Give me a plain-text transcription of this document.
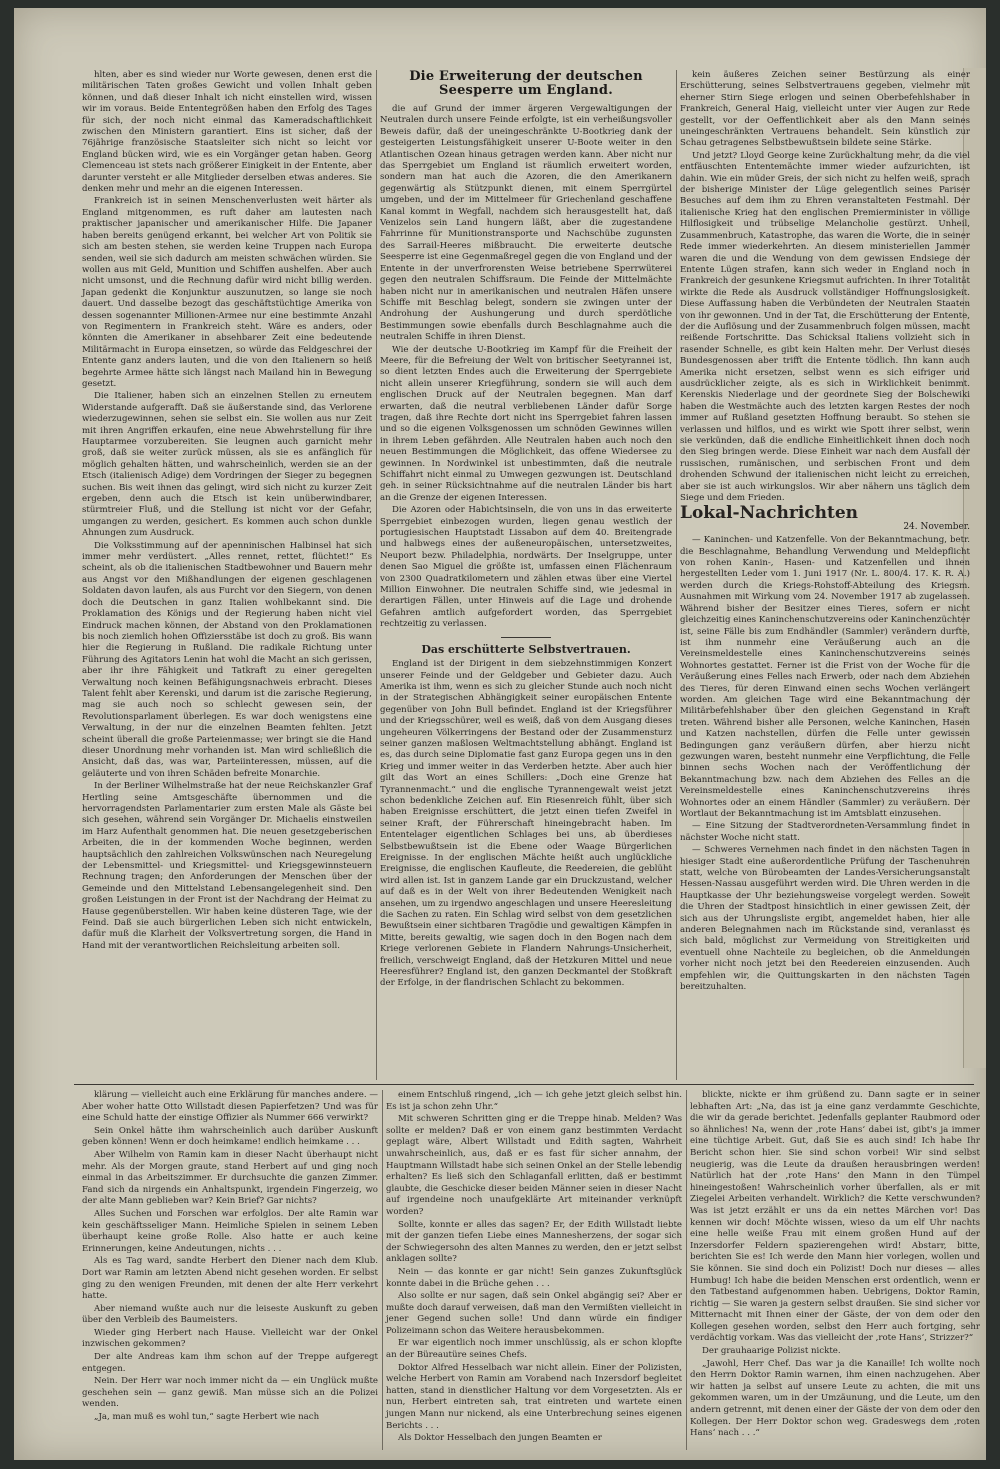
hlten, aber es sind wieder nur Worte gewesen, denen erst die militärischen Taten großes Gewicht und vollen Inhalt geben können, und daß dieser Inhalt ich nicht einstellen wird, wissen wir im voraus. Beide Ententegrößen haben den Erfolg des Tages für sich, der noch nicht einmal das Kameradschaftlichkeit zwischen den Ministern garantiert. Eins ist sicher, daß der 76jährige französische Staatsleiter sich nicht so leicht vor England bücken wird, wie es ein Vorgänger getan haben. Georg Clemenceau ist stets nach größerer Einigkeit in der Entente, aber darunter versteht er alle Mitglieder derselben etwas anderes. Sie denken mehr und mehr an die eigenen Interessen.

Frankreich ist in seinen Menschenverlusten weit härter als England mitgenommen, es ruft daher am lautesten nach praktischer japanischer und amerikanischer Hilfe. Die Japaner haben bereits genügend erkannt, bei welcher Art von Politik sie sich am besten stehen, sie werden keine Truppen nach Europa senden, weil sie sich dadurch am meisten schwächen würden. Sie wollen aus mit Geld, Munition und Schiffen aushelfen. Aber auch nicht umsonst, und die Rechnung dafür wird nicht billig werden. Japan gedenkt die Konjunktur auszunutzen, so lange sie noch dauert. Und dasselbe bezogt das geschäftstüchtige Amerika von dessen sogenannter Millionen-Armee nur eine bestimmte Anzahl von Regimentern in Frankreich steht. Wäre es anders, oder könnten die Amerikaner in absehbarer Zeit eine bedeutende Militärmacht in Europa einsetzen, so würde das Feldgeschrei der Entente ganz anders lauten, und die von den Italienern so heiß begehrte Armee hätte sich längst nach Mailand hin in Bewegung gesetzt.

Die Italiener, haben sich an einzelnen Stellen zu erneutem Widerstande aufgerafft. Daß sie äußerstande sind, das Verlorene wiederzugewinnen, sehen sie selbst ein. Sie wollen aus nur Zeit mit ihren Angriffen erkaufen, eine neue Abwehrstellung für ihre Hauptarmee vorzubereiten. Sie leugnen auch garnicht mehr groß, daß sie weiter zurück müssen, als sie es anfänglich für möglich gehalten hätten, und wahrscheinlich, werden sie an der Etsch (italienisch Adige) dem Vordringen der Sieger zu begegnen suchen. Bis weit ihnen das gelingt, wird sich nicht zu kurzer Zeit ergeben, denn auch die Etsch ist kein unüberwindbarer, stürmtreier Fluß, und die Stellung ist nicht vor der Gefahr, umgangen zu werden, gesichert. Es kommen auch schon dunkle Ahnungen zum Ausdruck.

Die Volksstimmung auf der apenninischen Halbinsel hat sich immer mehr verdüstert. „Alles rennet, rettet, flüchtet!“ Es scheint, als ob die italienischen Stadtbewohner und Bauern mehr aus Angst vor den Mißhandlungen der eigenen geschlagenen Soldaten davon laufen, als aus Furcht vor den Siegern, von denen doch die Deutschen in ganz Italien wohlbekannt sind. Die Proklamation des Königs und der Regierung haben nicht viel Eindruck machen können, der Abstand von den Proklamationen bis noch ziemlich hohen Offiziersstäbe ist doch zu groß. Bis wann hier die Regierung in Rußland. Die radikale Richtung unter Führung des Agitators Lenin hat wohl die Macht an sich gerissen, aber ihr ihre Fähigkeit und Tatkraft zu einer geregelten Verwaltung noch keinen Befähigungsnachweis erbracht. Dieses Talent fehlt aber Kerenski, und darum ist die zarische Regierung, mag sie auch noch so schlecht gewesen sein, der Revolutionsparlament überlegen. Es war doch wenigstens eine Verwaltung, in der nur die einzelnen Beamten fehlten. Jetzt scheint überall die große Parteienmasse; wer bringt sie die Hand dieser Unordnung mehr vorhanden ist. Man wird schließlich die Ansicht, daß das, was war, Parteiinteressen, müssen, auf die geläuterte und von ihren Schäden befreite Monarchie.

In der Berliner Wilhelmstraße hat der neue Reichskanzler Graf Hertling seine Amtsgeschäfte übernommen und die hervorragendsten Parlamentarier zum ersten Male als Gäste bei sich gesehen, während sein Vorgänger Dr. Michaelis einstweilen im Harz Aufenthalt genommen hat. Die neuen gesetzgeberischen Arbeiten, die in der kommenden Woche beginnen, werden hauptsächlich den zahlreichen Volkswünschen nach Neuregelung der Lebensmittel- und Kriegsmittel- und Kriegsgewinnsteuern Rechnung tragen; den Anforderungen der Menschen über der Gemeinde und den Mittelstand Lebensangelegenheit sind. Den großen Leistungen in der Front ist der Nachdrang der Heimat zu Hause gegenüberstellen. Wir haben keine düsteren Tage, wie der Feind. Daß sie auch bürgerlichen Leben sich nicht entwickeln, dafür muß die Klarheit der Volksvertretung sorgen, die Hand in Hand mit der verantwortlichen Reichsleitung arbeiten soll.

Die Erweiterung der deutschen Seesperre um England.

die auf Grund der immer ärgeren Vergewaltigungen der Neutralen durch unsere Feinde erfolgte, ist ein verheißungsvoller Beweis dafür, daß der uneingeschränkte U-Bootkrieg dank der gesteigerten Leistungsfähigkeit unserer U-Boote weiter in den Atlantischen Ozean hinaus getragen werden kann. Aber nicht nur das Sperrgebiet um England ist räumlich erweitert worden, sondern man hat auch die Azoren, die den Amerikanern gegenwärtig als Stützpunkt dienen, mit einem Sperrgürtel umgeben, und der im Mittelmeer für Griechenland geschaffene Kanal kommt in Wegfall, nachdem sich herausgestellt hat, daß Venizelos sein Land hungern läßt, aber die zugestandene Fahrrinne für Munitionstransporte und Nachschübe zugunsten des Sarrail-Heeres mißbraucht. Die erweiterte deutsche Seesperre ist eine Gegenmaßregel gegen die von England und der Entente in der unverfrorensten Weise betriebene Sperrwüterei gegen den neutralen Schiffsraum. Die Feinde der Mittelmächte haben nicht nur in amerikanischen und neutralen Häfen unsere Schiffe mit Beschlag belegt, sondern sie zwingen unter der Androhung der Aushungerung und durch sperdötliche Bestimmungen sowie ebenfalls durch Beschlagnahme auch die neutralen Schiffe in ihren Dienst.

Wie der deutsche U-Bootkrieg im Kampf für die Freiheit der Meere, für die Befreiung der Welt von britischer Seetyrannei ist, so dient letzten Endes auch die Erweiterung der Sperrgebiete nicht allein unserer Kriegführung, sondern sie will auch dem englischen Druck auf der Neutralen begegnen. Man darf erwarten, daß die neutral verbliebenen Länder dafür Sorge tragen, daß ihre Rechte dort nicht ins Sperrgebiet fahren lassen und so die eigenen Volksgenossen um schnöden Gewinnes willen in ihrem Leben gefährden. Alle Neutralen haben auch noch den neuen Bestimmungen die Möglichkeit, das offene Wiedersee zu gewinnen. In Nordwinkel ist unbestimmten, daß die neutrale Schiffahrt nicht einmal zu Umwegen gezwungen ist. Deutschland geh. in seiner Rücksichtnahme auf die neutralen Länder bis hart an die Grenze der eigenen Interessen.

Die Azoren oder Habichtsinseln, die von uns in das erweiterte Sperrgebiet einbezogen wurden, liegen genau westlich der portugiesischen Hauptstadt Lissabon auf dem 40. Breitengrade und halbwegs eines der außeneuropäischen, untersetzweites, Neuport bezw. Philadelphia, nordwärts. Der Inselgruppe, unter denen Sao Miguel die größte ist, umfassen einen Flächenraum von 2300 Quadratkilometern und zählen etwas über eine Viertel Million Einwohner. Die neutralen Schiffe sind, wie jedesmal in derartigen Fällen, unter Hinweis auf die Lage und drohende Gefahren amtlich aufgefordert worden, das Sperrgebiet rechtzeitig zu verlassen.

Das erschütterte Selbstvertrauen.

England ist der Dirigent in dem siebzehnstimmigen Konzert unserer Feinde und der Geldgeber und Gebieter dazu. Auch Amerika ist ihm, wenn es sich zu gleicher Stunde auch noch nicht in der Strategischen Abhängigkeit seiner europäischen Entente gegenüber von John Bull befindet. England ist der Kriegsführer und der Kriegsschürer, weil es weiß, daß von dem Ausgang dieses ungeheuren Völkerringens der Bestand oder der Zusammensturz seiner ganzen maßlosen Weltmachtstellung abhängt. England ist es, das durch seine Diplomatie fast ganz Europa gegen uns in den Krieg und immer weiter in das Verderben hetzte. Aber auch hier gilt das Wort an eines Schillers: „Doch eine Grenze hat Tyrannenmacht.“ und die englische Tyrannengewalt weist jetzt schon bedenkliche Zeichen auf. Ein Riesenreich fühlt, über sich haben Ereignisse erschüttert, die jetzt einen tiefen Zweifel in seiner Kraft, der Führerschaft hineingebracht haben. Im Ententelager eigentlichen Schlages bei uns, ab überdieses Selbstbewußtsein ist die Ebene oder Waage Bürgerlichen Ereignisse. In der englischen Mächte heißt auch unglückliche Ereignisse, die englischen Kaufleute, die Reedereien, die geblüht wird allen ist. Ist in ganzem Lande gar ein Druckzustand, welcher auf daß es in der Welt von ihrer Bedeutenden Wenigkeit nach ansehen, um zu irgendwo angeschlagen und unsere Heeresleitung die Sachen zu raten. Ein Schlag wird selbst von dem gesetzlichen Bewußtsein einer sichtbaren Tragödie und gewaltigen Kämpfen in Mitte, bereits gewaltig, wie sagen doch in den Bogen nach dem Kriege verlorenen Gebiete in Flandern Nahrungs-Unsicherheit, freilich, verschweigt England, daß der Hetzkuren Mittel und neue Heeresführer? England ist, den ganzen Deckmantel der Stoßkraft der Erfolge, in der flandrischen Schlacht zu bekommen.

kein äußeres Zeichen seiner Bestürzung als einer Erschütterung, seines Selbstvertrauens gegeben, vielmehr mit eherner Stirn Siege erlogen und seinen Oberbefehlshaber in Frankreich, General Haig, vielleicht unter vier Augen zur Rede gestellt, vor der Oeffentlichkeit aber als den Mann seines uneingeschränkten Vertrauens behandelt. Sein künstlich zur Schau getragenes Selbstbewußtsein bildete seine Stärke.

Und jetzt? Lloyd George keine Zurückhaltung mehr, da die viel entfäuschten Ententemächte immer wieder aufzurichten, ist dahin. Wie ein müder Greis, der sich nicht zu helfen weiß, sprach der bisherige Minister der Lüge gelegentlich seines Pariser Besuches auf dem ihm zu Ehren veranstalteten Festmahl. Der italienische Krieg hat den englischen Premierminister in völlige Hilflosigkeit und trübselige Melancholie gestürzt. Unheil, Zusammenbruch, Katastrophe, das waren die Worte, die in seiner Rede immer wiederkehrten. An diesem ministeriellen Jammer waren die und die Wendung von dem gewissen Endsiege der Entente Lügen strafen, kann sich weder in England noch in Frankreich der gesunkene Kriegsmut aufrichten. In ihrer Totalität wirkte die Rede als Ausdruck vollständiger Hoffnungslosigkeit. Diese Auffassung haben die Verbündeten der Neutralen Staaten von ihr gewonnen. Und in der Tat, die Erschütterung der Entente, der die Auflösung und der Zusammenbruch folgen müssen, macht reißende Fortschritte. Das Schicksal Italiens vollzieht sich in rasender Schnelle, es gibt kein Halten mehr. Der Verlust dieses Bundesgenossen aber trifft die Entente tödlich. Ihn kann auch Amerika nicht ersetzen, selbst wenn es sich eifriger und ausdrücklicher zeigte, als es sich in Wirklichkeit benimmt. Kerenskis Niederlage und der geordnete Sieg der Bolschewiki haben die Westmächte auch des letzten kargen Restes der noch immer auf Rußland gesetzten Hoffnung beraubt. So stehen sie verlassen und hilflos, und es wirkt wie Spott ihrer selbst, wenn sie verkünden, daß die endliche Einheitlichkeit ihnen doch noch den Sieg bringen werde. Diese Einheit war nach dem Ausfall der russischen, rumänischen, und serbischen Front und dem drohenden Schwund der italienischen nicht leicht zu erreichen, aber sie ist auch wirkungslos. Wir aber nähern uns täglich dem Siege und dem Frieden.

Lokal-Nachrichten
24. November.

— Kaninchen- und Katzenfelle. Von der Bekanntmachung, betr. die Beschlagnahme, Behandlung Verwendung und Meldepflicht von rohen Kanin-, Hasen- und Katzenfellen und ihnen hergestellten Leder vom 1. Juni 1917 (Nr. L. 800/4. 17. K. R. A.) werden durch die Kriegs-Rohstoff-Abteilung des Kriegsm. Ausnahmen mit Wirkung vom 24. November 1917 ab zugelassen. Während bisher der Besitzer eines Tieres, sofern er nicht gleichzeitig eines Kaninchenschutzvereins oder Kaninchenzüchter ist, seine Fälle bis zum Endhändler (Sammler) verändern durfte, ist ihm nunmehr eine Veräußerung auch an die Vereinsmeldestelle eines Kaninchenschutzvereins seines Wohnortes gestattet. Ferner ist die Frist von der Woche für die Veräußerung eines Felles nach Erwerb, oder nach dem Abziehen des Tieres, für deren Einwand einen sechs Wochen verlängert worden. Am gleichen Tage wird eine Bekanntmachung der Militärbefehlshaber über den gleichen Gegenstand in Kraft treten. Während bisher alle Personen, welche Kaninchen, Hasen und Katzen nachstellen, dürfen die Felle unter gewissen Bedingungen ganz veräußern dürfen, aber hierzu nicht gezwungen waren, besteht nunmehr eine Verpflichtung, die Felle binnen sechs Wochen nach der Veröffentlichung der Bekanntmachung bzw. nach dem Abziehen des Felles an die Vereinsmeldestelle eines Kaninchenschutzvereins ihres Wohnortes oder an einem Händler (Sammler) zu veräußern. Der Wortlaut der Bekanntmachung ist im Amtsblatt einzusehen.

— Eine Sitzung der Stadtverordneten-Versammlung findet in nächster Woche nicht statt.

— Schweres Vernehmen nach findet in den nächsten Tagen in hiesiger Stadt eine außerordentliche Prüfung der Taschenuhren statt, welche von Bürobeamten der Landes-Versicherungsanstalt Hessen-Nassau ausgeführt werden wird. Die Uhren werden in die Hauptkasse der Uhr beziehungsweise vorgelegt werden. Soweit die Uhren der Stadtpost hinsichtlich in einer gewissen Zeit, der sich aus der Uhrungsliste ergibt, angemeldet haben, hier alle anderen Belegnahmen nach im Rückstande sind, veranlasst es sich bald, möglichst zur Vermeidung von Streitigkeiten und eventuell ohne Nachteile zu begleichen, ob die Anmeldungen vorher nicht noch jetzt bei den Reedereien einzusenden. Auch empfehlen wir, die Quittungskarten in den nächsten Tagen bereitzuhalten.

klärung — vielleicht auch eine Erklärung für manches andere. — Aber woher hatte Otto Willstadt diesen Papierfetzen? Und was für eine Schuld hatte der einstige Offizier als Nummer 666 verwirkt?

Sein Onkel hätte ihm wahrscheinlich auch darüber Auskunft geben können! Wenn er doch heimkame! endlich heimkame . . .

Aber Wilhelm von Ramin kam in dieser Nacht überhaupt nicht mehr. Als der Morgen graute, stand Herbert auf und ging noch einmal in das Arbeitszimmer. Er durchsuchte die ganzen Zimmer. Fand sich da nirgends ein Anhaltspunkt, irgendein Fingerzeig, wo der alte Mann geblieben war? Kein Brief? Gar nichts?

Alles Suchen und Forschen war erfolglos. Der alte Ramin war kein geschäftsseliger Mann. Heimliche Spielen in seinem Leben überhaupt keine große Rolle. Also hatte er auch keine Erinnerungen, keine Andeutungen, nichts . . .

Als es Tag ward, sandte Herbert den Diener nach dem Klub. Dort war Ramin am letzten Abend nicht gesehen worden. Er selbst ging zu den wenigen Freunden, mit denen der alte Herr verkehrt hatte.

Aber niemand wußte auch nur die leiseste Auskunft zu geben über den Verbleib des Baumeisters.

Wieder ging Herbert nach Hause. Vielleicht war der Onkel inzwischen gekommen?

Der alte Andreas kam ihm schon auf der Treppe aufgeregt entgegen.

Nein. Der Herr war noch immer nicht da — ein Unglück mußte geschehen sein — ganz gewiß. Man müsse sich an die Polizei wenden.

„Ja, man muß es wohl tun,“ sagte Herbert wie nach

einem Entschluß ringend, „ich — ich gehe jetzt gleich selbst hin. Es ist ja schon zehn Uhr.“

Mit schweren Schritten ging er die Treppe hinab. Melden? Was sollte er melden? Daß er von einem ganz bestimmten Verdacht geplagt wäre, Albert Willstadt und Edith sagten, Wahrheit unwahrscheinlich, aus, daß er es fast für sicher annahm, der Hauptmann Willstadt habe sich seinen Onkel an der Stelle lebendig erhalten? Es ließ sich den Schlaganfall erlitten, daß er bestimmt glaubte, die Geschicke dieser beiden Männer seien in dieser Nacht auf irgendeine noch unaufgeklärte Art miteinander verknüpft worden?

Sollte, konnte er alles das sagen? Er, der Edith Willstadt liebte mit der ganzen tiefen Liebe eines Mannesherzens, der sogar sich der Schwiegersohn des alten Mannes zu werden, den er jetzt selbst anklagen sollte?

Nein — das konnte er gar nicht! Sein ganzes Zukunftsglück konnte dabei in die Brüche gehen . . .

Also sollte er nur sagen, daß sein Onkel abgängig sei? Aber er mußte doch darauf verweisen, daß man den Vermißten vielleicht in jener Gegend suchen solle! Und dann würde ein findiger Polizeimann schon das Weitere herausbekommen.

Er war eigentlich noch immer unschlüssig, als er schon klopfte an der Büreautüre seines Chefs.

Doktor Alfred Hesselbach war nicht allein. Einer der Polizisten, welche Herbert von Ramin am Vorabend nach Inzersdorf begleitet hatten, stand in dienstlicher Haltung vor dem Vorgesetzten. Als er nun, Herbert eintreten sah, trat eintreten und wartete einen jungen Mann nur nickend, als eine Unterbrechung seines eigenen Berichts . . .

Als Doktor Hesselbach den jungen Beamten er

blickte, nickte er ihm grüßend zu. Dann sagte er in seiner lebhaften Art: „Na, das ist ja eine ganz verdammte Geschichte, die wir da gerade berichtet. Jedenfalls geplanter Raubmord oder so ähnliches! Na, wenn der ‚rote Hans‘ dabei ist, gibt's ja immer eine tüchtige Arbeit. Gut, daß Sie es auch sind! Ich habe Ihr Bericht schon hier. Sie sind schon vorbei! Wir sind selbst neugierig, was die Leute da draußen herausbringen werden! Natürlich hat der ‚rote Hans‘ den Mann in den Tümpel hineingestoßen! Wahrscheinlich vorher überfallen, als er mit Ziegelei Arbeiten verhandelt. Wirklich? die Kette verschwunden? Was ist jetzt erzählt er uns da ein nettes Märchen vor! Das kennen wir doch! Möchte wissen, wieso da um elf Uhr nachts eine helle weiße Frau mit einem großen Hund auf der Inzersdorfer Feldern spazierengehen wird! Abstarr, bitte, berichten Sie es! Ich werde den Mann hier vorlegen, wollen und Sie können. Sie sind doch ein Polizist! Doch nur dieses — alles Humbug! Ich habe die beiden Menschen erst ordentlich, wenn er den Tatbestand aufgenommen haben. Uebrigens, Doktor Ramin, richtig — Sie waren ja gestern selbst draußen. Sie sind sicher vor Mitternacht mit Ihnen einer der Gäste, der von dem oder den Kollegen gesehen worden, selbst den Herr auch fortging, sehr verdächtig vorkam. Was das vielleicht der ‚rote Hans‘, Strizzer?“

Der grauhaarige Polizist nickte.

„Jawohl, Herr Chef. Das war ja die Kanaille! Ich wollte noch den Herrn Doktor Ramin warnen, ihm einen nachzugehen. Aber wir hatten ja selbst auf unsere Leute zu achten, die mit uns gekommen waren, um in der Umzäunung, und die Leute, um den andern getrennt, mit denen einer der Gäste der von dem oder den Kollegen. Der Herr Doktor schon weg. Gradeswegs dem ‚roten Hans‘ nach . . .“
